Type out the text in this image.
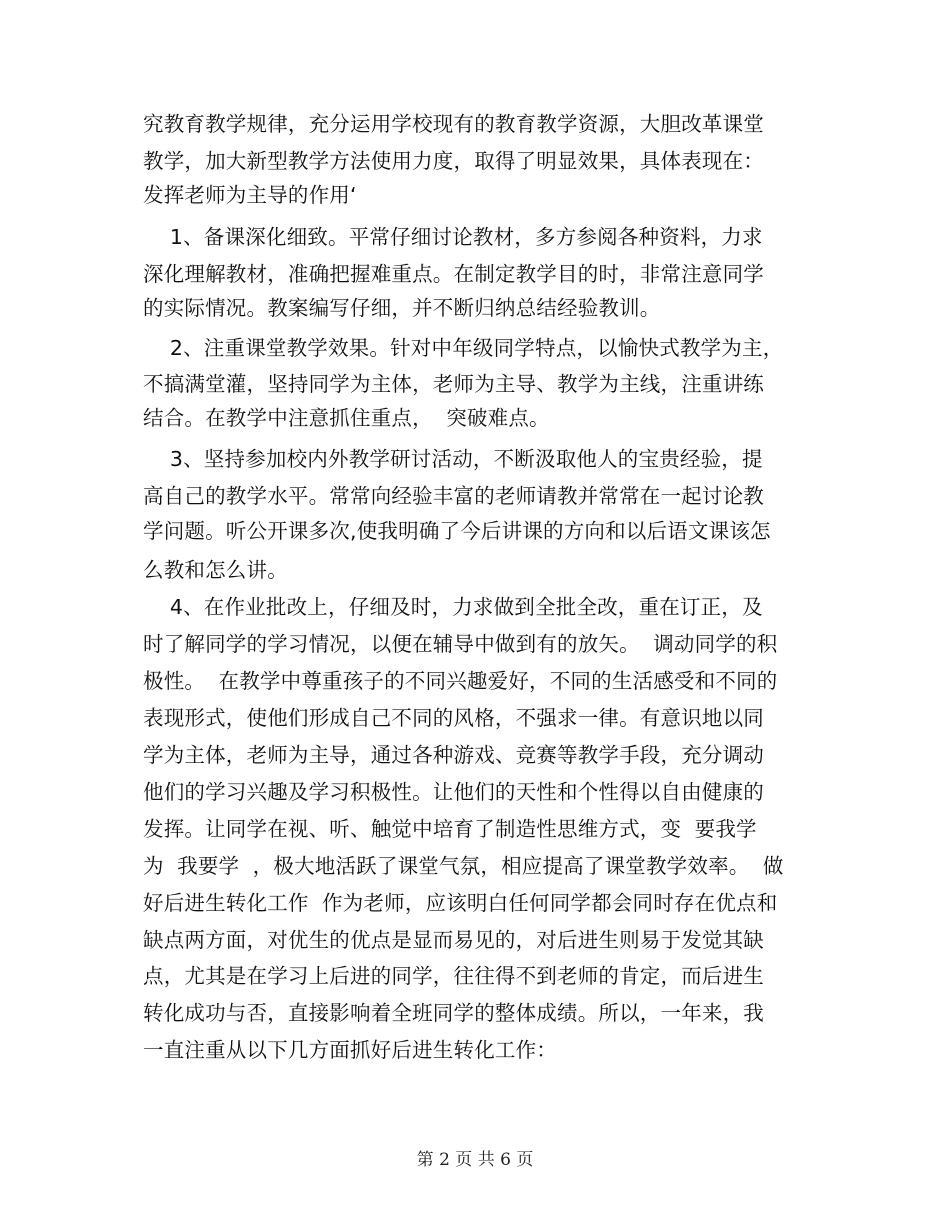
究教育教学规律，充分运用学校现有的教育教学资源，大胆改革课堂
教学，加大新型教学方法使用力度，取得了明显效果，具体表现在：
发挥老师为主导的作用‘
1、备课深化细致。平常仔细讨论教材，多方参阅各种资料，力求
深化理解教材，准确把握难重点。在制定教学目的时，非常注意同学
的实际情况。教案编写仔细，并不断归纳总结经验教训。
2、注重课堂教学效果。针对中年级同学特点，以愉快式教学为主，
不搞满堂灌，坚持同学为主体，老师为主导、教学为主线，注重讲练
结合。在教学中注意抓住重点，  突破难点。
3、坚持参加校内外教学研讨活动，不断汲取他人的宝贵经验，提
高自己的教学水平。常常向经验丰富的老师请教并常常在一起讨论教
学问题。听公开课多次,使我明确了今后讲课的方向和以后语文课该怎
么教和怎么讲。
4、在作业批改上，仔细及时，力求做到全批全改，重在订正，及
时了解同学的学习情况，以便在辅导中做到有的放矢。  调动同学的积
极性。  在教学中尊重孩子的不同兴趣爱好，不同的生活感受和不同的
表现形式，使他们形成自己不同的风格，不强求一律。有意识地以同
学为主体，老师为主导，通过各种游戏、竞赛等教学手段，充分调动
他们的学习兴趣及学习积极性。让他们的天性和个性得以自由健康的
发挥。让同学在视、听、触觉中培育了制造性思维方式，变  要我学
为  我要学  ，极大地活跃了课堂气氛，相应提高了课堂教学效率。  做
好后进生转化工作  作为老师，应该明白任何同学都会同时存在优点和
缺点两方面，对优生的优点是显而易见的，对后进生则易于发觉其缺
点，尤其是在学习上后进的同学，往往得不到老师的肯定，而后进生
转化成功与否，直接影响着全班同学的整体成绩。所以，一年来，我
一直注重从以下几方面抓好后进生转化工作：
第 2 页 共 6 页
